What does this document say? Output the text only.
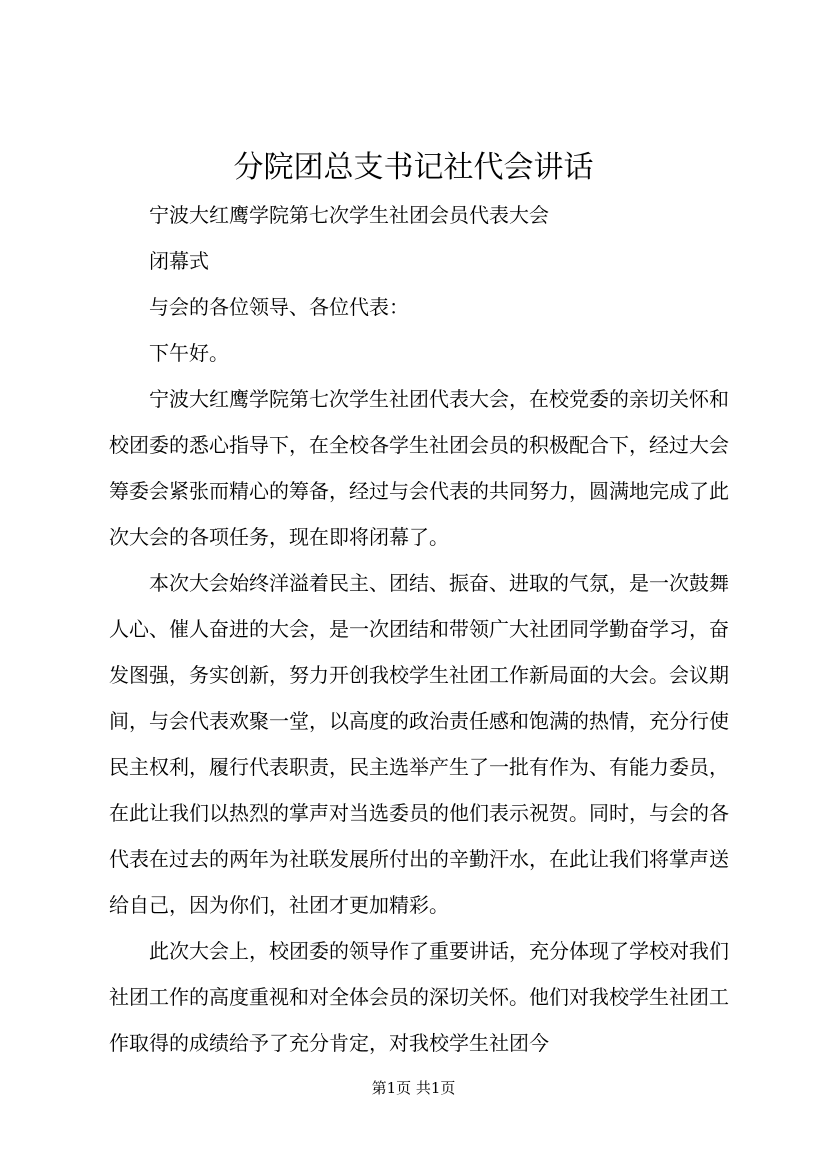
分院团总支书记社代会讲话

宁波大红鹰学院第七次学生社团会员代表大会

闭幕式

与会的各位领导、各位代表：

下午好。

宁波大红鹰学院第七次学生社团代表大会，在校党委的亲切关怀和校团委的悉心指导下，在全校各学生社团会员的积极配合下，经过大会筹委会紧张而精心的筹备，经过与会代表的共同努力，圆满地完成了此次大会的各项任务，现在即将闭幕了。

本次大会始终洋溢着民主、团结、振奋、进取的气氛，是一次鼓舞人心、催人奋进的大会，是一次团结和带领广大社团同学勤奋学习，奋发图强，务实创新，努力开创我校学生社团工作新局面的大会。会议期间，与会代表欢聚一堂，以高度的政治责任感和饱满的热情，充分行使民主权利，履行代表职责，民主选举产生了一批有作为、有能力委员，在此让我们以热烈的掌声对当选委员的他们表示祝贺。同时，与会的各代表在过去的两年为社联发展所付出的辛勤汗水，在此让我们将掌声送给自己，因为你们，社团才更加精彩。

此次大会上，校团委的领导作了重要讲话，充分体现了学校对我们社团工作的高度重视和对全体会员的深切关怀。他们对我校学生社团工作取得的成绩给予了充分肯定，对我校学生社团今

第1页 共1页
